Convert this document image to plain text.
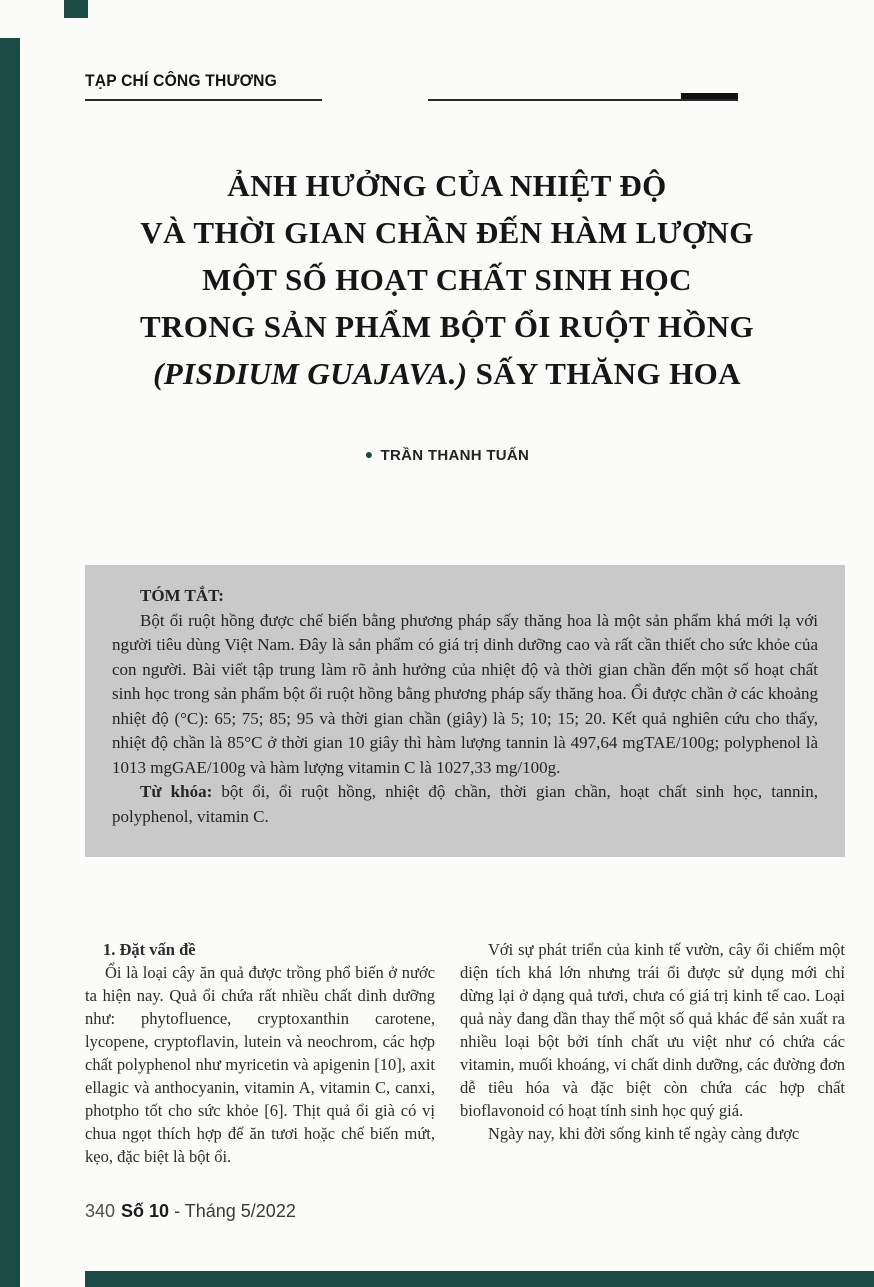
TẠP CHÍ CÔNG THƯƠNG
ẢNH HƯỞNG CỦA NHIỆT ĐỘ
VÀ THỜI GIAN CHẦN ĐẾN HÀM LƯỢNG
MỘT SỐ HOẠT CHẤT SINH HỌC
TRONG SẢN PHẨM BỘT ỔI RUỘT HỒNG
(PISDIUM GUAJAVA.) SẤY THĂNG HOA
● TRẦN THANH TUẤN
TÓM TẮT:

Bột ổi ruột hồng được chế biến bằng phương pháp sấy thăng hoa là một sản phẩm khá mới lạ với người tiêu dùng Việt Nam. Đây là sản phẩm có giá trị dinh dưỡng cao và rất cần thiết cho sức khỏe của con người. Bài viết tập trung làm rõ ảnh hưởng của nhiệt độ và thời gian chần đến một số hoạt chất sinh học trong sản phẩm bột ổi ruột hồng bằng phương pháp sấy thăng hoa. Ổi được chần ở các khoảng nhiệt độ (°C): 65; 75; 85; 95 và thời gian chần (giây) là 5; 10; 15; 20. Kết quả nghiên cứu cho thấy, nhiệt độ chần là 85°C ở thời gian 10 giây thì hàm lượng tannin là 497,64 mgTAE/100g; polyphenol là 1013 mgGAE/100g và hàm lượng vitamin C là 1027,33 mg/100g.

Từ khóa: bột ổi, ổi ruột hồng, nhiệt độ chần, thời gian chần, hoạt chất sinh học, tannin, polyphenol, vitamin C.

1. Đặt vấn đề

Ổi là loại cây ăn quả được trồng phổ biến ở nước ta hiện nay. Quả ổi chứa rất nhiều chất dinh dưỡng như: phytofluence, cryptoxanthin carotene, lycopene, cryptoflavin, lutein và neochrom, các hợp chất polyphenol như myricetin và apigenin [10], axit ellagic và anthocyanin, vitamin A, vitamin C, canxi, photpho tốt cho sức khỏe [6]. Thịt quả ổi già có vị chua ngọt thích hợp để ăn tươi hoặc chế biến mứt, kẹo, đặc biệt là bột ổi.

Với sự phát triển của kinh tế vườn, cây ổi chiếm một diện tích khá lớn nhưng trái ổi được sử dụng mới chỉ dừng lại ở dạng quả tươi, chưa có giá trị kinh tế cao. Loại quả này đang dần thay thế một số quả khác để sản xuất ra nhiều loại bột bởi tính chất ưu việt như có chứa các vitamin, muối khoáng, vi chất dinh dưỡng, các đường đơn dễ tiêu hóa và đặc biệt còn chứa các hợp chất bioflavonoid có hoạt tính sinh học quý giá.

Ngày nay, khi đời sống kinh tế ngày càng được

340 Số 10 - Tháng 5/2022
